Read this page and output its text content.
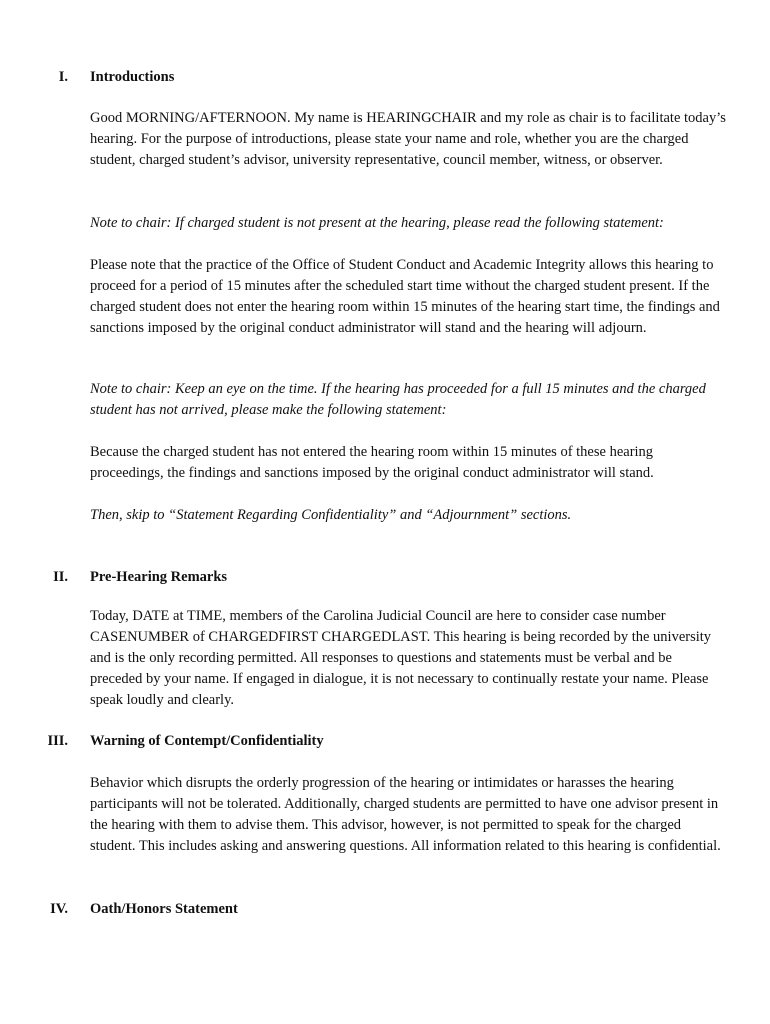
I. Introductions

Good MORNING/AFTERNOON. My name is HEARINGCHAIR and my role as chair is to facilitate today’s hearing. For the purpose of introductions, please state your name and role, whether you are the charged student, charged student’s advisor, university representative, council member, witness, or observer.

Note to chair: If charged student is not present at the hearing, please read the following statement:

Please note that the practice of the Office of Student Conduct and Academic Integrity allows this hearing to proceed for a period of 15 minutes after the scheduled start time without the charged student present. If the charged student does not enter the hearing room within 15 minutes of the hearing start time, the findings and sanctions imposed by the original conduct administrator will stand and the hearing will adjourn.

Note to chair: Keep an eye on the time. If the hearing has proceeded for a full 15 minutes and the charged student has not arrived, please make the following statement:

Because the charged student has not entered the hearing room within 15 minutes of these hearing proceedings, the findings and sanctions imposed by the original conduct administrator will stand.

Then, skip to “Statement Regarding Confidentiality” and “Adjournment” sections.

II. Pre-Hearing Remarks

Today, DATE at TIME, members of the Carolina Judicial Council are here to consider case number CASENUMBER of CHARGEDFIRST CHARGEDLAST. This hearing is being recorded by the university and is the only recording permitted. All responses to questions and statements must be verbal and be preceded by your name. If engaged in dialogue, it is not necessary to continually restate your name. Please speak loudly and clearly.

III. Warning of Contempt/Confidentiality

Behavior which disrupts the orderly progression of the hearing or intimidates or harasses the hearing participants will not be tolerated. Additionally, charged students are permitted to have one advisor present in the hearing with them to advise them. This advisor, however, is not permitted to speak for the charged student. This includes asking and answering questions. All information related to this hearing is confidential.

IV. Oath/Honors Statement
